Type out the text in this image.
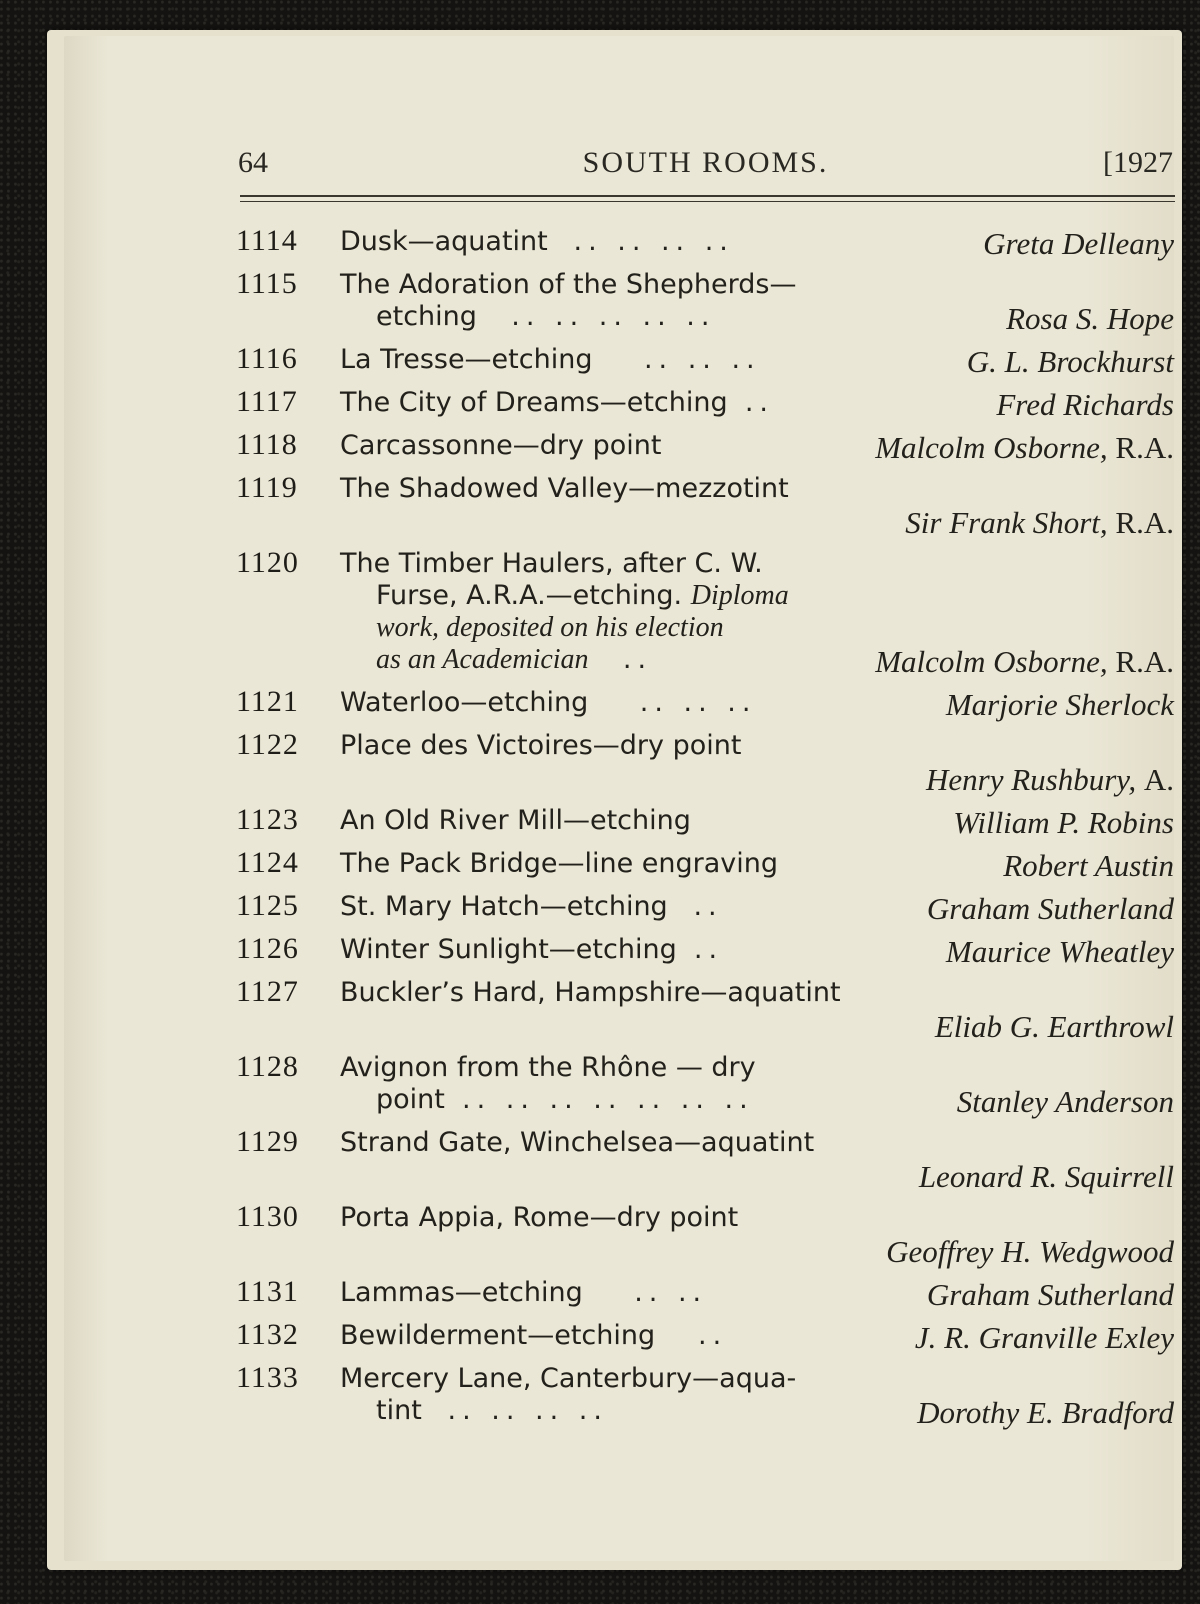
64	SOUTH ROOMS.	[1927
1114 Dusk—aquatint .. .. .. ..	Greta Delleany
1115 The Adoration of the Shepherds—
etching .. .. .. .. ..	Rosa S. Hope
1116 La Tresse—etching .. .. ..	G. L. Brockhurst
1117 The City of Dreams—etching ..	Fred Richards
1118 Carcassonne—dry point	Malcolm Osborne, R.A.
1119 The Shadowed Valley—mezzotint
Sir Frank Short, R.A.
1120 The Timber Haulers, after C. W.
Furse, A.R.A.—etching. Diploma
work, deposited on his election
as an Academician ..	Malcolm Osborne, R.A.
1121 Waterloo—etching .. .. ..	Marjorie Sherlock
1122 Place des Victoires—dry point
Henry Rushbury, A.
1123 An Old River Mill—etching	William P. Robins
1124 The Pack Bridge—line engraving	Robert Austin
1125 St. Mary Hatch—etching ..	Graham Sutherland
1126 Winter Sunlight—etching ..	Maurice Wheatley
1127 Buckler’s Hard, Hampshire—aquatint
Eliab G. Earthrowl
1128 Avignon from the Rhône — dry
point .. .. .. .. .. .. ..	Stanley Anderson
1129 Strand Gate, Winchelsea—aquatint
Leonard R. Squirrell
1130 Porta Appia, Rome—dry point
Geoffrey H. Wedgwood
1131 Lammas—etching .. ..	Graham Sutherland
1132 Bewilderment—etching ..	J. R. Granville Exley
1133 Mercery Lane, Canterbury—aqua-
tint .. .. .. ..	Dorothy E. Bradford
